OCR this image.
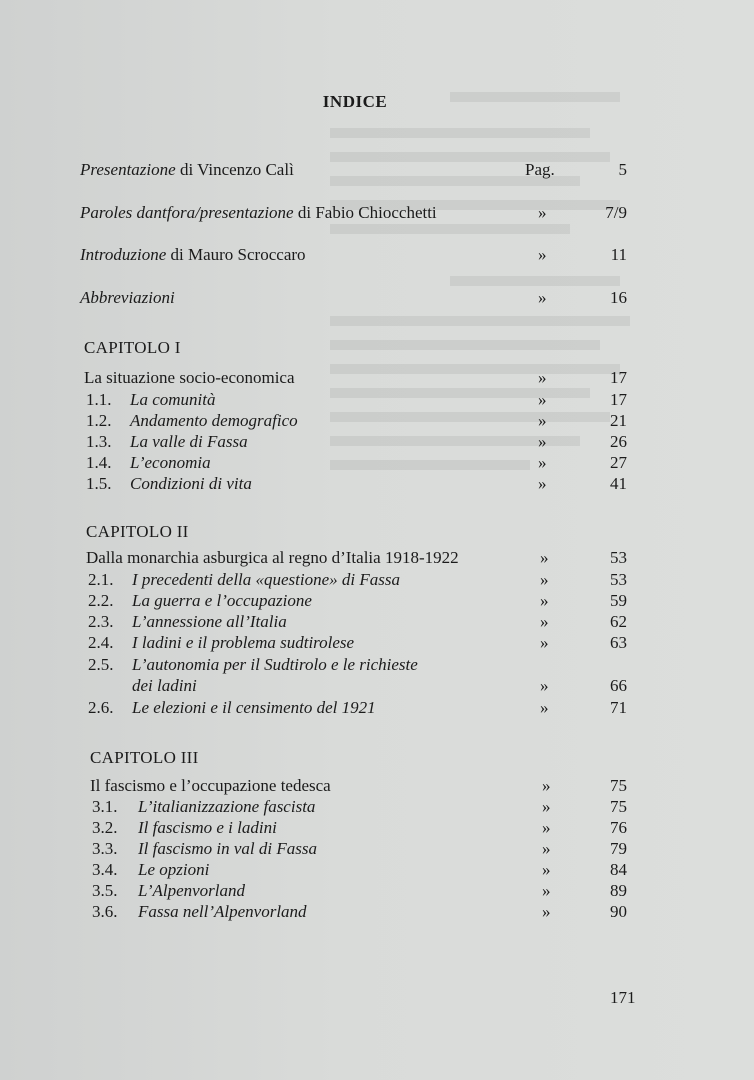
INDICE
Presentazione di Vincenzo Calì	Pag.	5
Paroles dantfora/presentazione di Fabio Chiocchetti	»	7/9
Introduzione di Mauro Scroccaro	»	11
Abbreviazioni	»	16
CAPITOLO I
La situazione socio-economica	»	17
1.1. La comunità	»	17
1.2. Andamento demografico	»	21
1.3. La valle di Fassa	»	26
1.4. L’economia	»	27
1.5. Condizioni di vita	»	41
CAPITOLO II
Dalla monarchia asburgica al regno d’Italia 1918-1922	»	53
2.1. I precedenti della «questione» di Fassa	»	53
2.2. La guerra e l’occupazione	»	59
2.3. L’annessione all’Italia	»	62
2.4. I ladini e il problema sudtirolese	»	63
2.5. L’autonomia per il Sudtirolo e le richieste
dei ladini	»	66
2.6. Le elezioni e il censimento del 1921	»	71
CAPITOLO III
Il fascismo e l’occupazione tedesca	»	75
3.1. L’italianizzazione fascista	»	75
3.2. Il fascismo e i ladini	»	76
3.3. Il fascismo in val di Fassa	»	79
3.4. Le opzioni	»	84
3.5. L’Alpenvorland	»	89
3.6. Fassa nell’Alpenvorland	»	90
171
